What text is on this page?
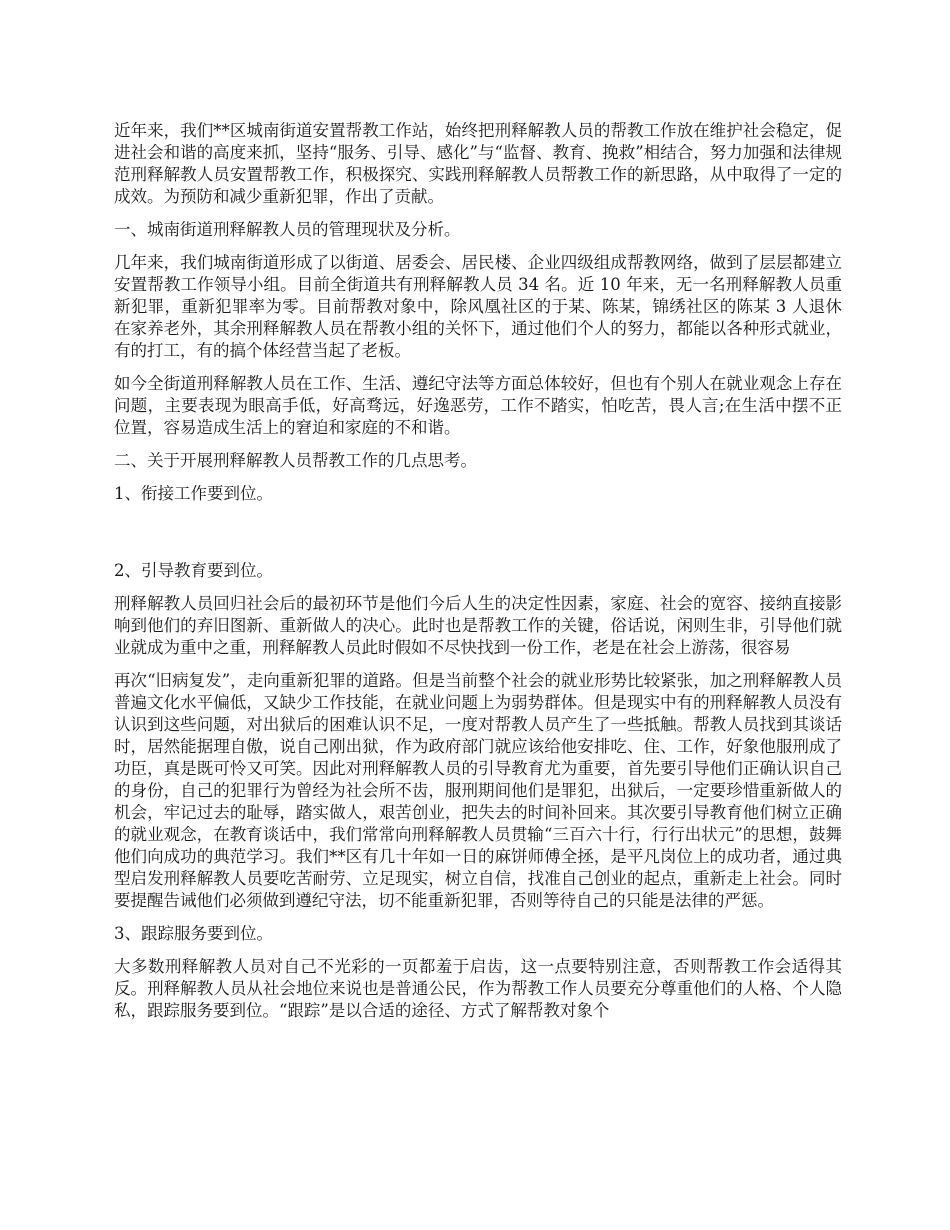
近年来，我们**区城南街道安置帮教工作站，始终把刑释解教人员的帮教工作放在维护社会稳定，促进社会和谐的高度来抓，坚持“服务、引导、感化”与“监督、教育、挽救”相结合，努力加强和法律规范刑释解教人员安置帮教工作，积极探究、实践刑释解教人员帮教工作的新思路，从中取得了一定的成效。为预防和减少重新犯罪，作出了贡献。

一、城南街道刑释解教人员的管理现状及分析。

几年来，我们城南街道形成了以街道、居委会、居民楼、企业四级组成帮教网络，做到了层层都建立安置帮教工作领导小组。目前全街道共有刑释解教人员 34 名。近 10 年来，无一名刑释解教人员重新犯罪，重新犯罪率为零。目前帮教对象中，除风凰社区的于某、陈某，锦绣社区的陈某 3 人退休在家养老外，其余刑释解教人员在帮教小组的关怀下，通过他们个人的努力，都能以各种形式就业，有的打工，有的搞个体经营当起了老板。

如今全街道刑释解教人员在工作、生活、遵纪守法等方面总体较好，但也有个别人在就业观念上存在问题，主要表现为眼高手低，好高骛远，好逸恶劳，工作不踏实，怕吃苦，畏人言;在生活中摆不正位置，容易造成生活上的窘迫和家庭的不和谐。

二、关于开展刑释解教人员帮教工作的几点思考。

1、衔接工作要到位。

2、引导教育要到位。

刑释解教人员回归社会后的最初环节是他们今后人生的决定性因素，家庭、社会的宽容、接纳直接影响到他们的弃旧图新、重新做人的决心。此时也是帮教工作的关键，俗话说，闲则生非，引导他们就业就成为重中之重，刑释解教人员此时假如不尽快找到一份工作，老是在社会上游荡，很容易

再次“旧病复发”，走向重新犯罪的道路。但是当前整个社会的就业形势比较紧张，加之刑释解教人员普遍文化水平偏低，又缺少工作技能，在就业问题上为弱势群体。但是现实中有的刑释解教人员没有认识到这些问题，对出狱后的困难认识不足，一度对帮教人员产生了一些抵触。帮教人员找到其谈话时，居然能据理自傲，说自己刚出狱，作为政府部门就应该给他安排吃、住、工作，好象他服刑成了功臣，真是既可怜又可笑。因此对刑释解教人员的引导教育尤为重要，首先要引导他们正确认识自己的身份，自己的犯罪行为曾经为社会所不齿，服刑期间他们是罪犯，出狱后，一定要珍惜重新做人的机会，牢记过去的耻辱，踏实做人，艰苦创业，把失去的时间补回来。其次要引导教育他们树立正确的就业观念，在教育谈话中，我们常常向刑释解教人员贯输“三百六十行，行行出状元”的思想，鼓舞他们向成功的典范学习。我们**区有几十年如一日的麻饼师傅全拯，是平凡岗位上的成功者，通过典型启发刑释解教人员要吃苦耐劳、立足现实，树立自信，找准自己创业的起点，重新走上社会。同时要提醒告诫他们必须做到遵纪守法，切不能重新犯罪，否则等待自己的只能是法律的严惩。

3、跟踪服务要到位。

大多数刑释解教人员对自己不光彩的一页都羞于启齿，这一点要特别注意，否则帮教工作会适得其反。刑释解教人员从社会地位来说也是普通公民，作为帮教工作人员要充分尊重他们的人格、个人隐私，跟踪服务要到位。“跟踪”是以合适的途径、方式了解帮教对象个
